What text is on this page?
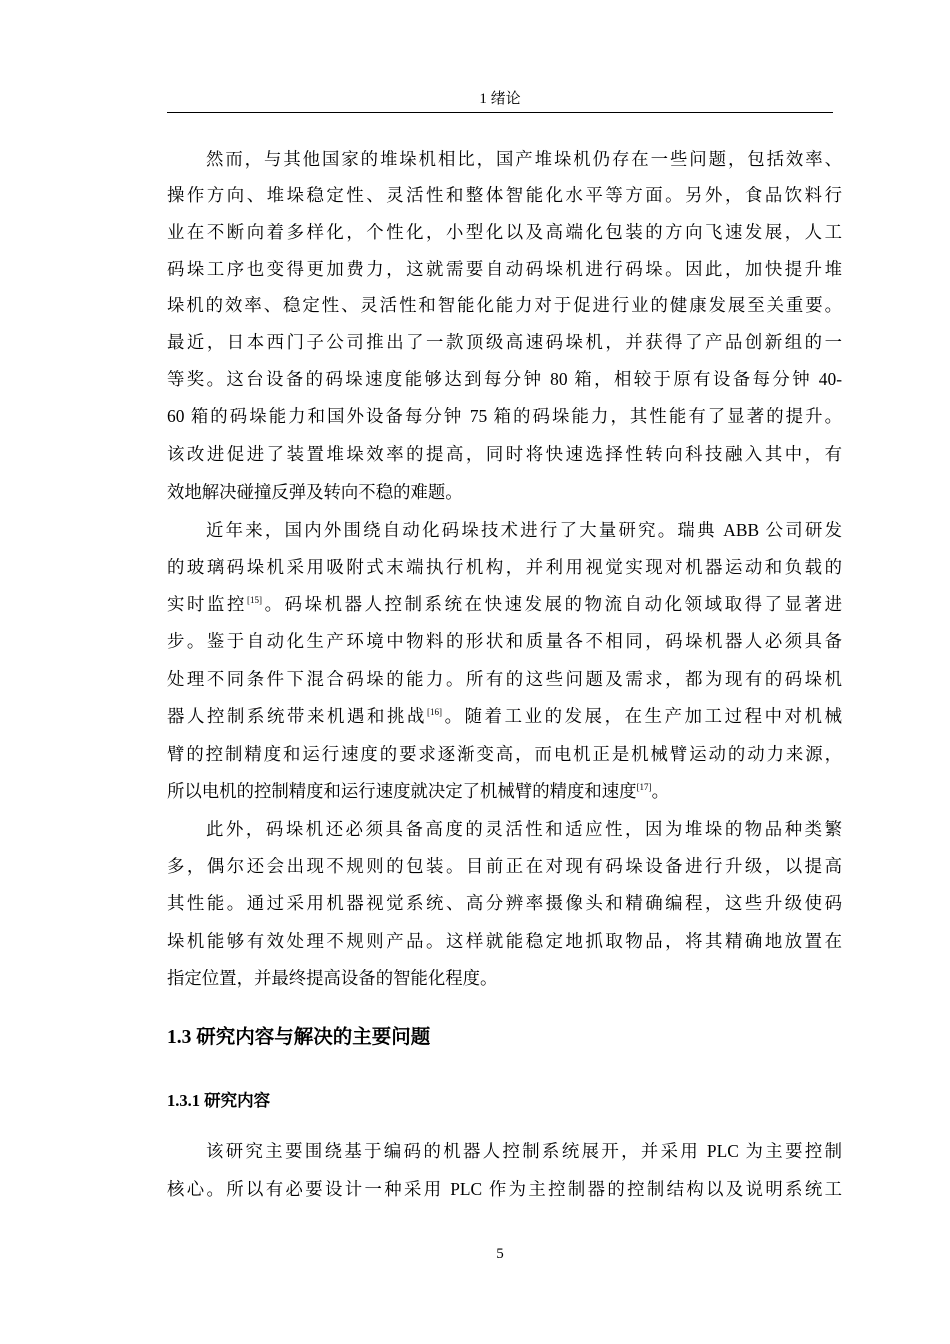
1 绪论
然而，与其他国家的堆垛机相比，国产堆垛机仍存在一些问题，包括效率、
操作方向、堆垛稳定性、灵活性和整体智能化水平等方面。另外，食品饮料行
业在不断向着多样化，个性化，小型化以及高端化包装的方向飞速发展，人工
码垛工序也变得更加费力，这就需要自动码垛机进行码垛。因此，加快提升堆
垛机的效率、稳定性、灵活性和智能化能力对于促进行业的健康发展至关重要。
最近，日本西门子公司推出了一款顶级高速码垛机，并获得了产品创新组的一
等奖。这台设备的码垛速度能够达到每分钟 80 箱，相较于原有设备每分钟 40-
60 箱的码垛能力和国外设备每分钟 75 箱的码垛能力，其性能有了显著的提升。
该改进促进了装置堆垛效率的提高，同时将快速选择性转向科技融入其中，有
效地解决碰撞反弹及转向不稳的难题。
近年来，国内外围绕自动化码垛技术进行了大量研究。瑞典 ABB 公司研发
的玻璃码垛机采用吸附式末端执行机构，并利用视觉实现对机器运动和负载的
实时监控[15]。码垛机器人控制系统在快速发展的物流自动化领域取得了显著进
步。鉴于自动化生产环境中物料的形状和质量各不相同，码垛机器人必须具备
处理不同条件下混合码垛的能力。所有的这些问题及需求，都为现有的码垛机
器人控制系统带来机遇和挑战[16]。随着工业的发展，在生产加工过程中对机械
臂的控制精度和运行速度的要求逐渐变高，而电机正是机械臂运动的动力来源，
所以电机的控制精度和运行速度就决定了机械臂的精度和速度[17]。
此外，码垛机还必须具备高度的灵活性和适应性，因为堆垛的物品种类繁
多，偶尔还会出现不规则的包装。目前正在对现有码垛设备进行升级，以提高
其性能。通过采用机器视觉系统、高分辨率摄像头和精确编程，这些升级使码
垛机能够有效处理不规则产品。这样就能稳定地抓取物品，将其精确地放置在
指定位置，并最终提高设备的智能化程度。
1.3 研究内容与解决的主要问题
1.3.1 研究内容
该研究主要围绕基于编码的机器人控制系统展开，并采用 PLC 为主要控制
核心。所以有必要设计一种采用 PLC 作为主控制器的控制结构以及说明系统工
5
